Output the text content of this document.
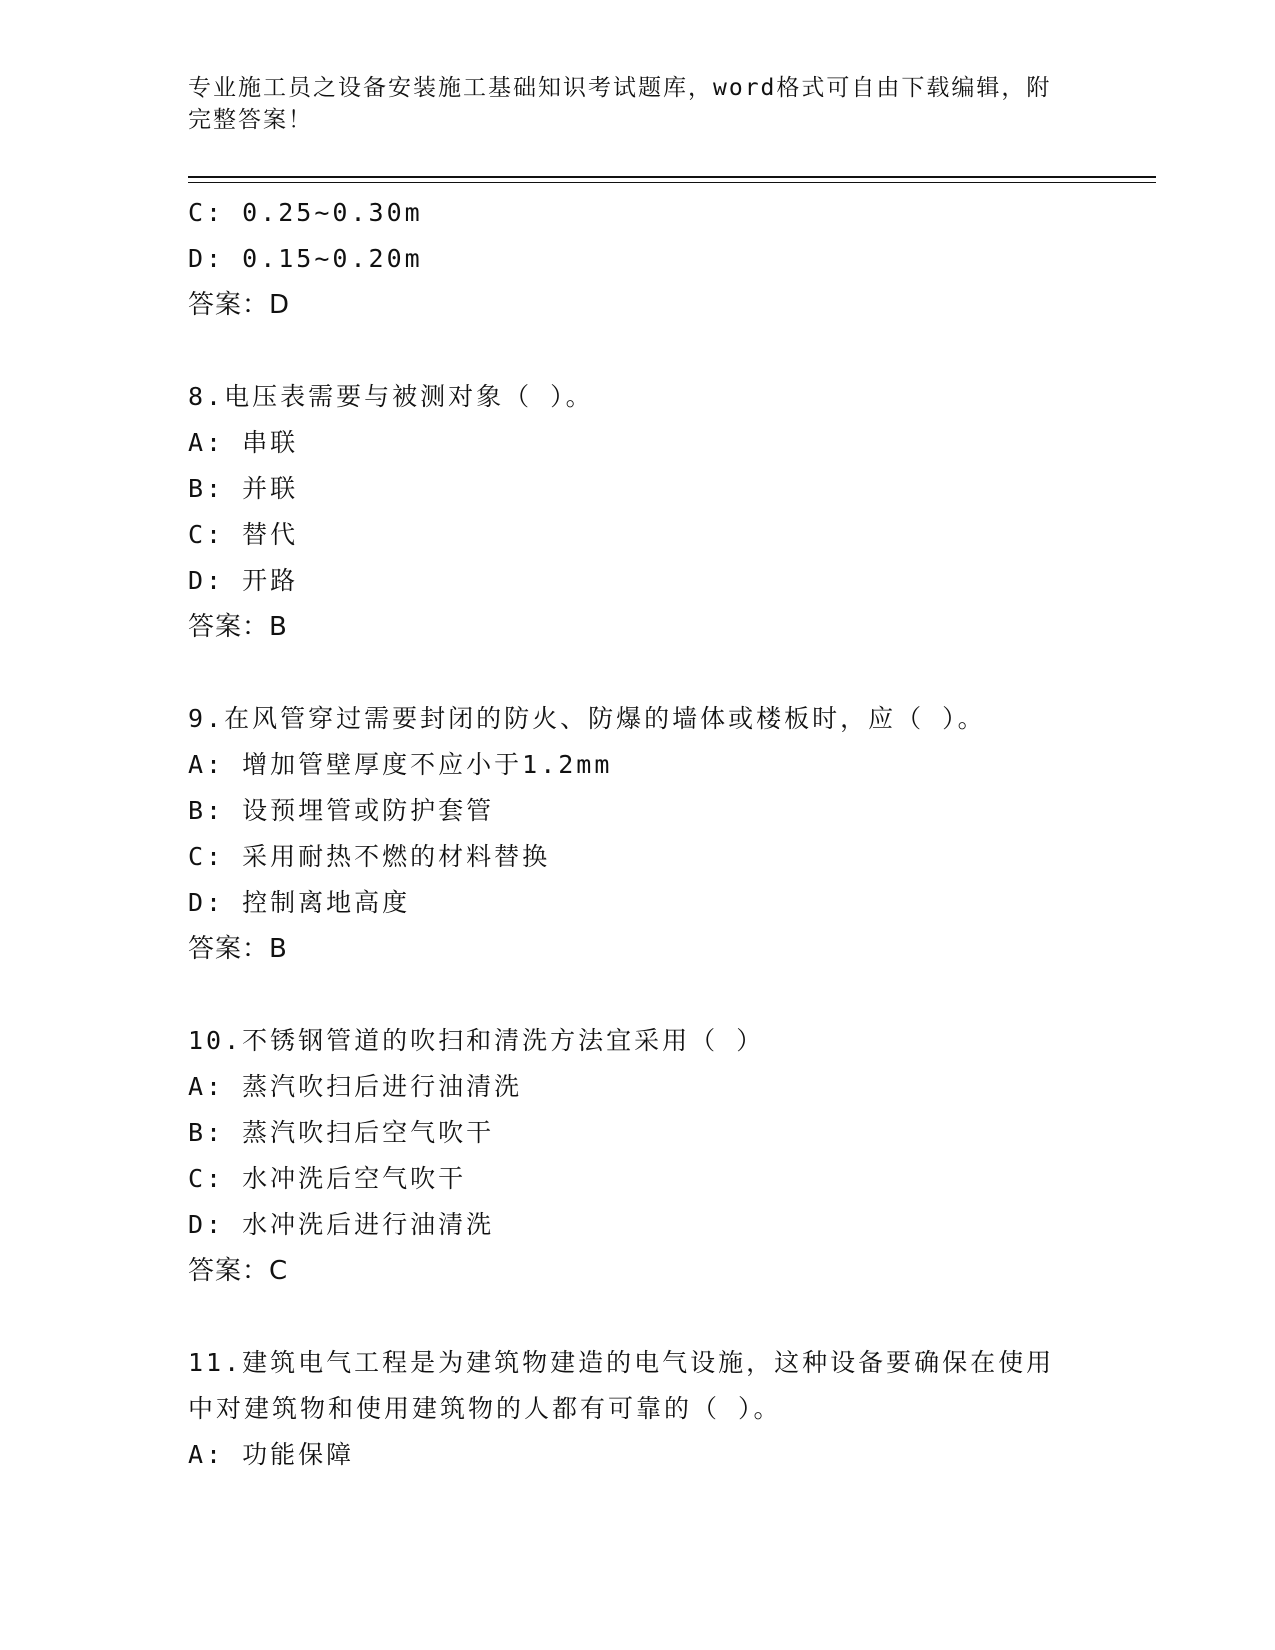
专业施工员之设备安装施工基础知识考试题库，word格式可自由下载编辑，附完整答案！
C: 0.25~0.30m
D: 0.15~0.20m
答案：D
8.电压表需要与被测对象（ ）。
A: 串联
B: 并联
C: 替代
D: 开路
答案：B
9.在风管穿过需要封闭的防火、防爆的墙体或楼板时，应（ ）。
A: 增加管壁厚度不应小于1.2mm
B: 设预埋管或防护套管
C: 采用耐热不燃的材料替换
D: 控制离地高度
答案：B
10.不锈钢管道的吹扫和清洗方法宜采用（ ）
A: 蒸汽吹扫后进行油清洗
B: 蒸汽吹扫后空气吹干
C: 水冲洗后空气吹干
D: 水冲洗后进行油清洗
答案：C
11.建筑电气工程是为建筑物建造的电气设施，这种设备要确保在使用
中对建筑物和使用建筑物的人都有可靠的（ ）。
A: 功能保障
